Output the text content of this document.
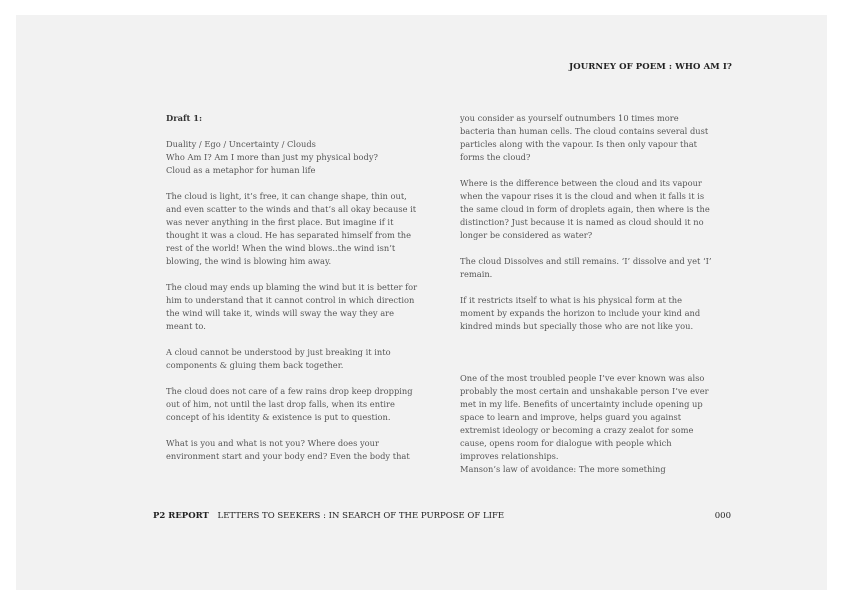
JOURNEY OF POEM : WHO AM I?

Draft 1:

Duality / Ego / Uncertainty / Clouds
Who Am I? Am I more than just my physical body?
Cloud as a metaphor for human life

The cloud is light, it’s free, it can change shape, thin out, and even scatter to the winds and that’s all okay because it was never anything in the first place. But imagine if it thought it was a cloud. He has separated himself from the rest of the world! When the wind blows..the wind isn’t blowing, the wind is blowing him away.

The cloud may ends up blaming the wind but it is better for him to understand that it cannot control in which direction the wind will take it, winds will sway the way they are meant to.

A cloud cannot be understood by just breaking it into components & gluing them back together.

The cloud does not care of a few rains drop keep dropping out of him, not until the last drop falls, when its entire concept of his identity & existence is put to question.

What is you and what is not you? Where does your environment start and your body end? Even the body that

you consider as yourself outnumbers 10 times more bacteria than human cells. The cloud contains several dust particles along with the vapour. Is then only vapour that forms the cloud?

Where is the difference between the cloud and its vapour when the vapour rises it is the cloud and when it falls it is the same cloud in form of droplets again, then where is the distinction? Just because it is named as cloud should it no longer be considered as water?

The cloud Dissolves and still remains. ‘I’ dissolve and yet ‘I’ remain.

If it restricts itself to what is his physical form at the moment by expands the horizon to include your kind and kindred minds but specially those who are not like you.

One of the most troubled people I’ve ever known was also probably the most certain and unshakable person I’ve ever met in my life. Benefits of uncertainty include opening up space to learn and improve, helps guard you against extremist ideology or becoming a crazy zealot for some cause, opens room for dialogue with people which improves relationships.

Manson’s law of avoidance: The more something

P2 REPORT LETTERS TO SEEKERS : IN SEARCH OF THE PURPOSE OF LIFE	000
